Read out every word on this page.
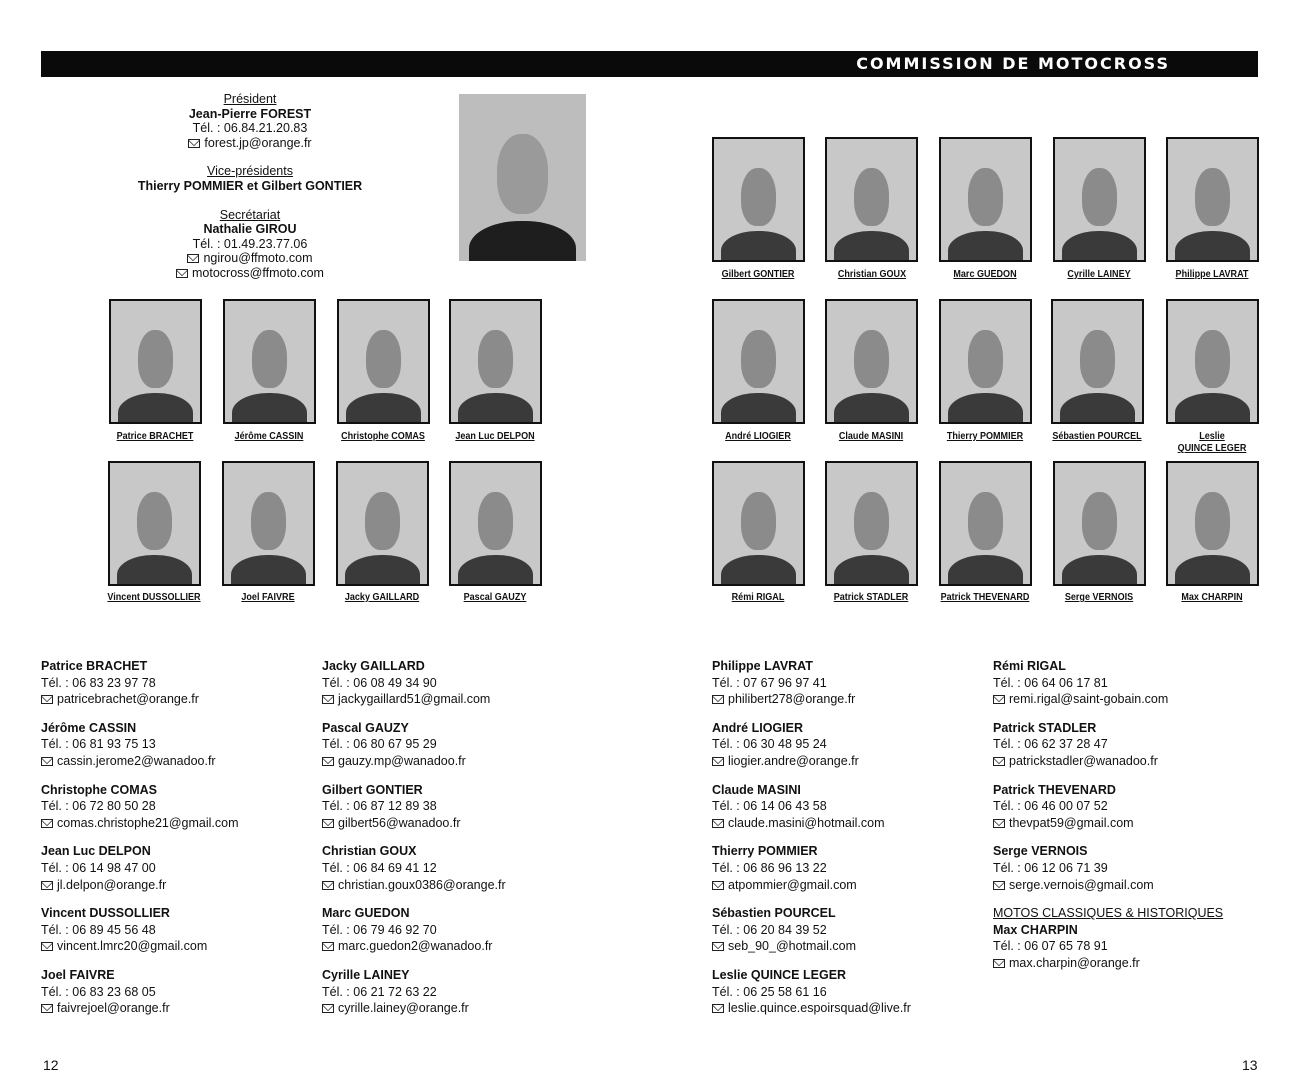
COMMISSION DE MOTOCROSS
Président
Jean-Pierre FOREST
Tél. : 06.84.21.20.83
forest.jp@orange.fr
Vice-présidents
Thierry POMMIER et Gilbert GONTIER
Secrétariat
Nathalie GIROU
Tél. : 01.49.23.77.06
ngirou@ffmoto.com
motocross@ffmoto.com
Patrice BRACHET	Jérôme CASSIN	Christophe COMAS	Jean Luc DELPON
Vincent DUSSOLLIER	Joel FAIVRE	Jacky GAILLARD	Pascal GAUZY
Gilbert GONTIER	Christian GOUX	Marc GUEDON	Cyrille LAINEY	Philippe LAVRAT
André LIOGIER	Claude MASINI	Thierry POMMIER	Sébastien POURCEL	Leslie
QUINCE LEGER
Rémi RIGAL	Patrick STADLER	Patrick THEVENARD	Serge VERNOIS	Max CHARPIN
Patrice BRACHET
Tél. : 06 83 23 97 78
patricebrachet@orange.fr
Jérôme CASSIN
Tél. : 06 81 93 75 13
cassin.jerome2@wanadoo.fr
Christophe COMAS
Tél. : 06 72 80 50 28
comas.christophe21@gmail.com
Jean Luc DELPON
Tél. : 06 14 98 47 00
jl.delpon@orange.fr
Vincent DUSSOLLIER
Tél. : 06 89 45 56 48
vincent.lmrc20@gmail.com
Joel FAIVRE
Tél. : 06 83 23 68 05
faivrejoel@orange.fr
Jacky GAILLARD
Tél. : 06 08 49 34 90
jackygaillard51@gmail.com
Pascal GAUZY
Tél. : 06 80 67 95 29
gauzy.mp@wanadoo.fr
Gilbert GONTIER
Tél. : 06 87 12 89 38
gilbert56@wanadoo.fr
Christian GOUX
Tél. : 06 84 69 41 12
christian.goux0386@orange.fr
Marc GUEDON
Tél. : 06 79 46 92 70
marc.guedon2@wanadoo.fr
Cyrille LAINEY
Tél. : 06 21 72 63 22
cyrille.lainey@orange.fr
Philippe LAVRAT
Tél. : 07 67 96 97 41
philibert278@orange.fr
André LIOGIER
Tél. : 06 30 48 95 24
liogier.andre@orange.fr
Claude MASINI
Tél. : 06 14 06 43 58
claude.masini@hotmail.com
Thierry POMMIER
Tél. : 06 86 96 13 22
atpommier@gmail.com
Sébastien POURCEL
Tél. : 06 20 84 39 52
seb_90_@hotmail.com
Leslie QUINCE LEGER
Tél. : 06 25 58 61 16
leslie.quince.espoirsquad@live.fr
Rémi RIGAL
Tél. : 06 64 06 17 81
remi.rigal@saint-gobain.com
Patrick STADLER
Tél. : 06 62 37 28 47
patrickstadler@wanadoo.fr
Patrick THEVENARD
Tél. : 06 46 00 07 52
thevpat59@gmail.com
Serge VERNOIS
Tél. : 06 12 06 71 39
serge.vernois@gmail.com
MOTOS CLASSIQUES & HISTORIQUES
Max CHARPIN
Tél. : 06 07 65 78 91
max.charpin@orange.fr
12	13
